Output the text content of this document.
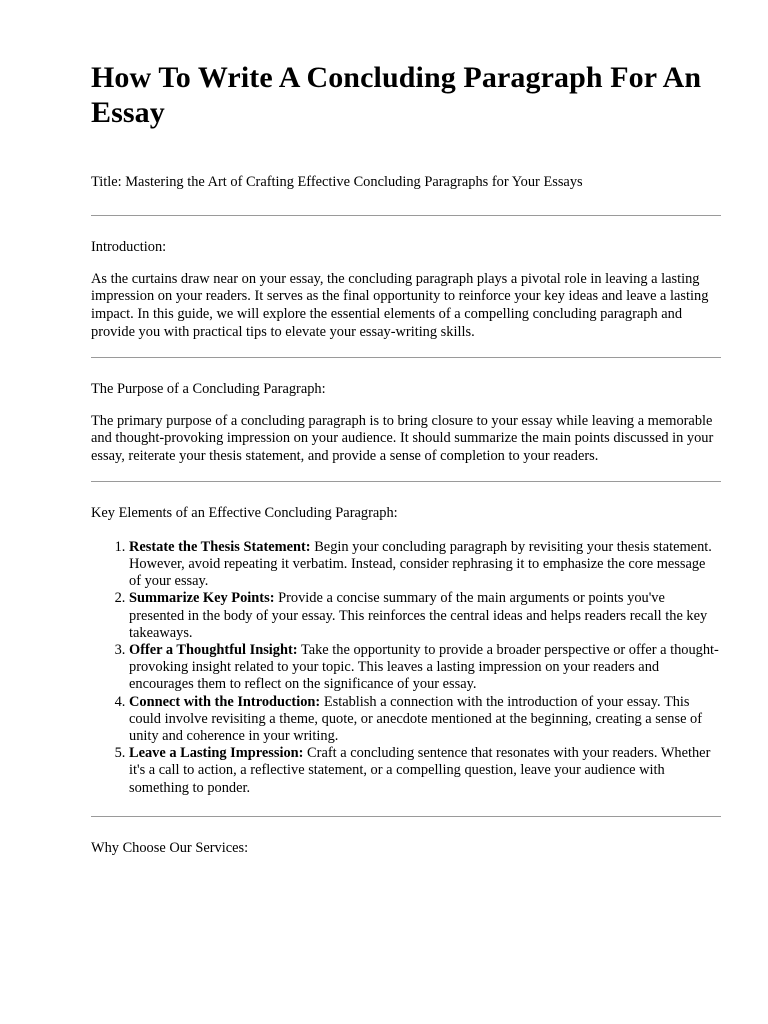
How To Write A Concluding Paragraph For An Essay

Title: Mastering the Art of Crafting Effective Concluding Paragraphs for Your Essays

Introduction:

As the curtains draw near on your essay, the concluding paragraph plays a pivotal role in leaving a lasting impression on your readers. It serves as the final opportunity to reinforce your key ideas and leave a lasting impact. In this guide, we will explore the essential elements of a compelling concluding paragraph and provide you with practical tips to elevate your essay-writing skills.

The Purpose of a Concluding Paragraph:

The primary purpose of a concluding paragraph is to bring closure to your essay while leaving a memorable and thought-provoking impression on your audience. It should summarize the main points discussed in your essay, reiterate your thesis statement, and provide a sense of completion to your readers.

Key Elements of an Effective Concluding Paragraph:

1. Restate the Thesis Statement: Begin your concluding paragraph by revisiting your thesis statement. However, avoid repeating it verbatim. Instead, consider rephrasing it to emphasize the core message of your essay.
2. Summarize Key Points: Provide a concise summary of the main arguments or points you've presented in the body of your essay. This reinforces the central ideas and helps readers recall the key takeaways.
3. Offer a Thoughtful Insight: Take the opportunity to provide a broader perspective or offer a thought-provoking insight related to your topic. This leaves a lasting impression on your readers and encourages them to reflect on the significance of your essay.
4. Connect with the Introduction: Establish a connection with the introduction of your essay. This could involve revisiting a theme, quote, or anecdote mentioned at the beginning, creating a sense of unity and coherence in your writing.
5. Leave a Lasting Impression: Craft a concluding sentence that resonates with your readers. Whether it's a call to action, a reflective statement, or a compelling question, leave your audience with something to ponder.

Why Choose Our Services:
